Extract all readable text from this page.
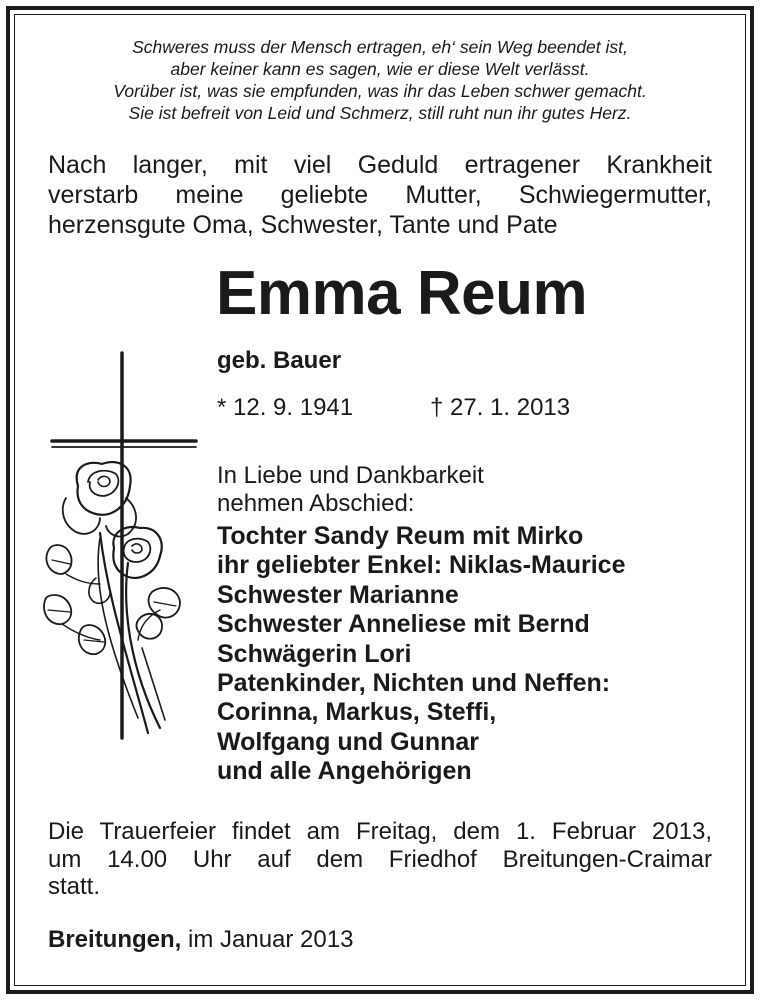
Schweres muss der Mensch ertragen, eh‘ sein Weg beendet ist,
aber keiner kann es sagen, wie er diese Welt verlässt.
Vorüber ist, was sie empfunden, was ihr das Leben schwer gemacht.
Sie ist befreit von Leid und Schmerz, still ruht nun ihr gutes Herz.
Nach langer, mit viel Geduld ertragener Krankheit
verstarb meine geliebte Mutter, Schwiegermutter,
herzensgute Oma, Schwester, Tante und Pate
Emma Reum
geb. Bauer
* 12. 9. 1941	† 27. 1. 2013
In Liebe und Dankbarkeit
nehmen Abschied:
Tochter Sandy Reum mit Mirko
ihr geliebter Enkel: Niklas-Maurice
Schwester Marianne
Schwester Anneliese mit Bernd
Schwägerin Lori
Patenkinder, Nichten und Neffen:
Corinna, Markus, Steffi,
Wolfgang und Gunnar
und alle Angehörigen
Die Trauerfeier findet am Freitag, dem 1. Februar 2013,
um 14.00 Uhr auf dem Friedhof Breitungen-Craimar
statt.
Breitungen, im Januar 2013
